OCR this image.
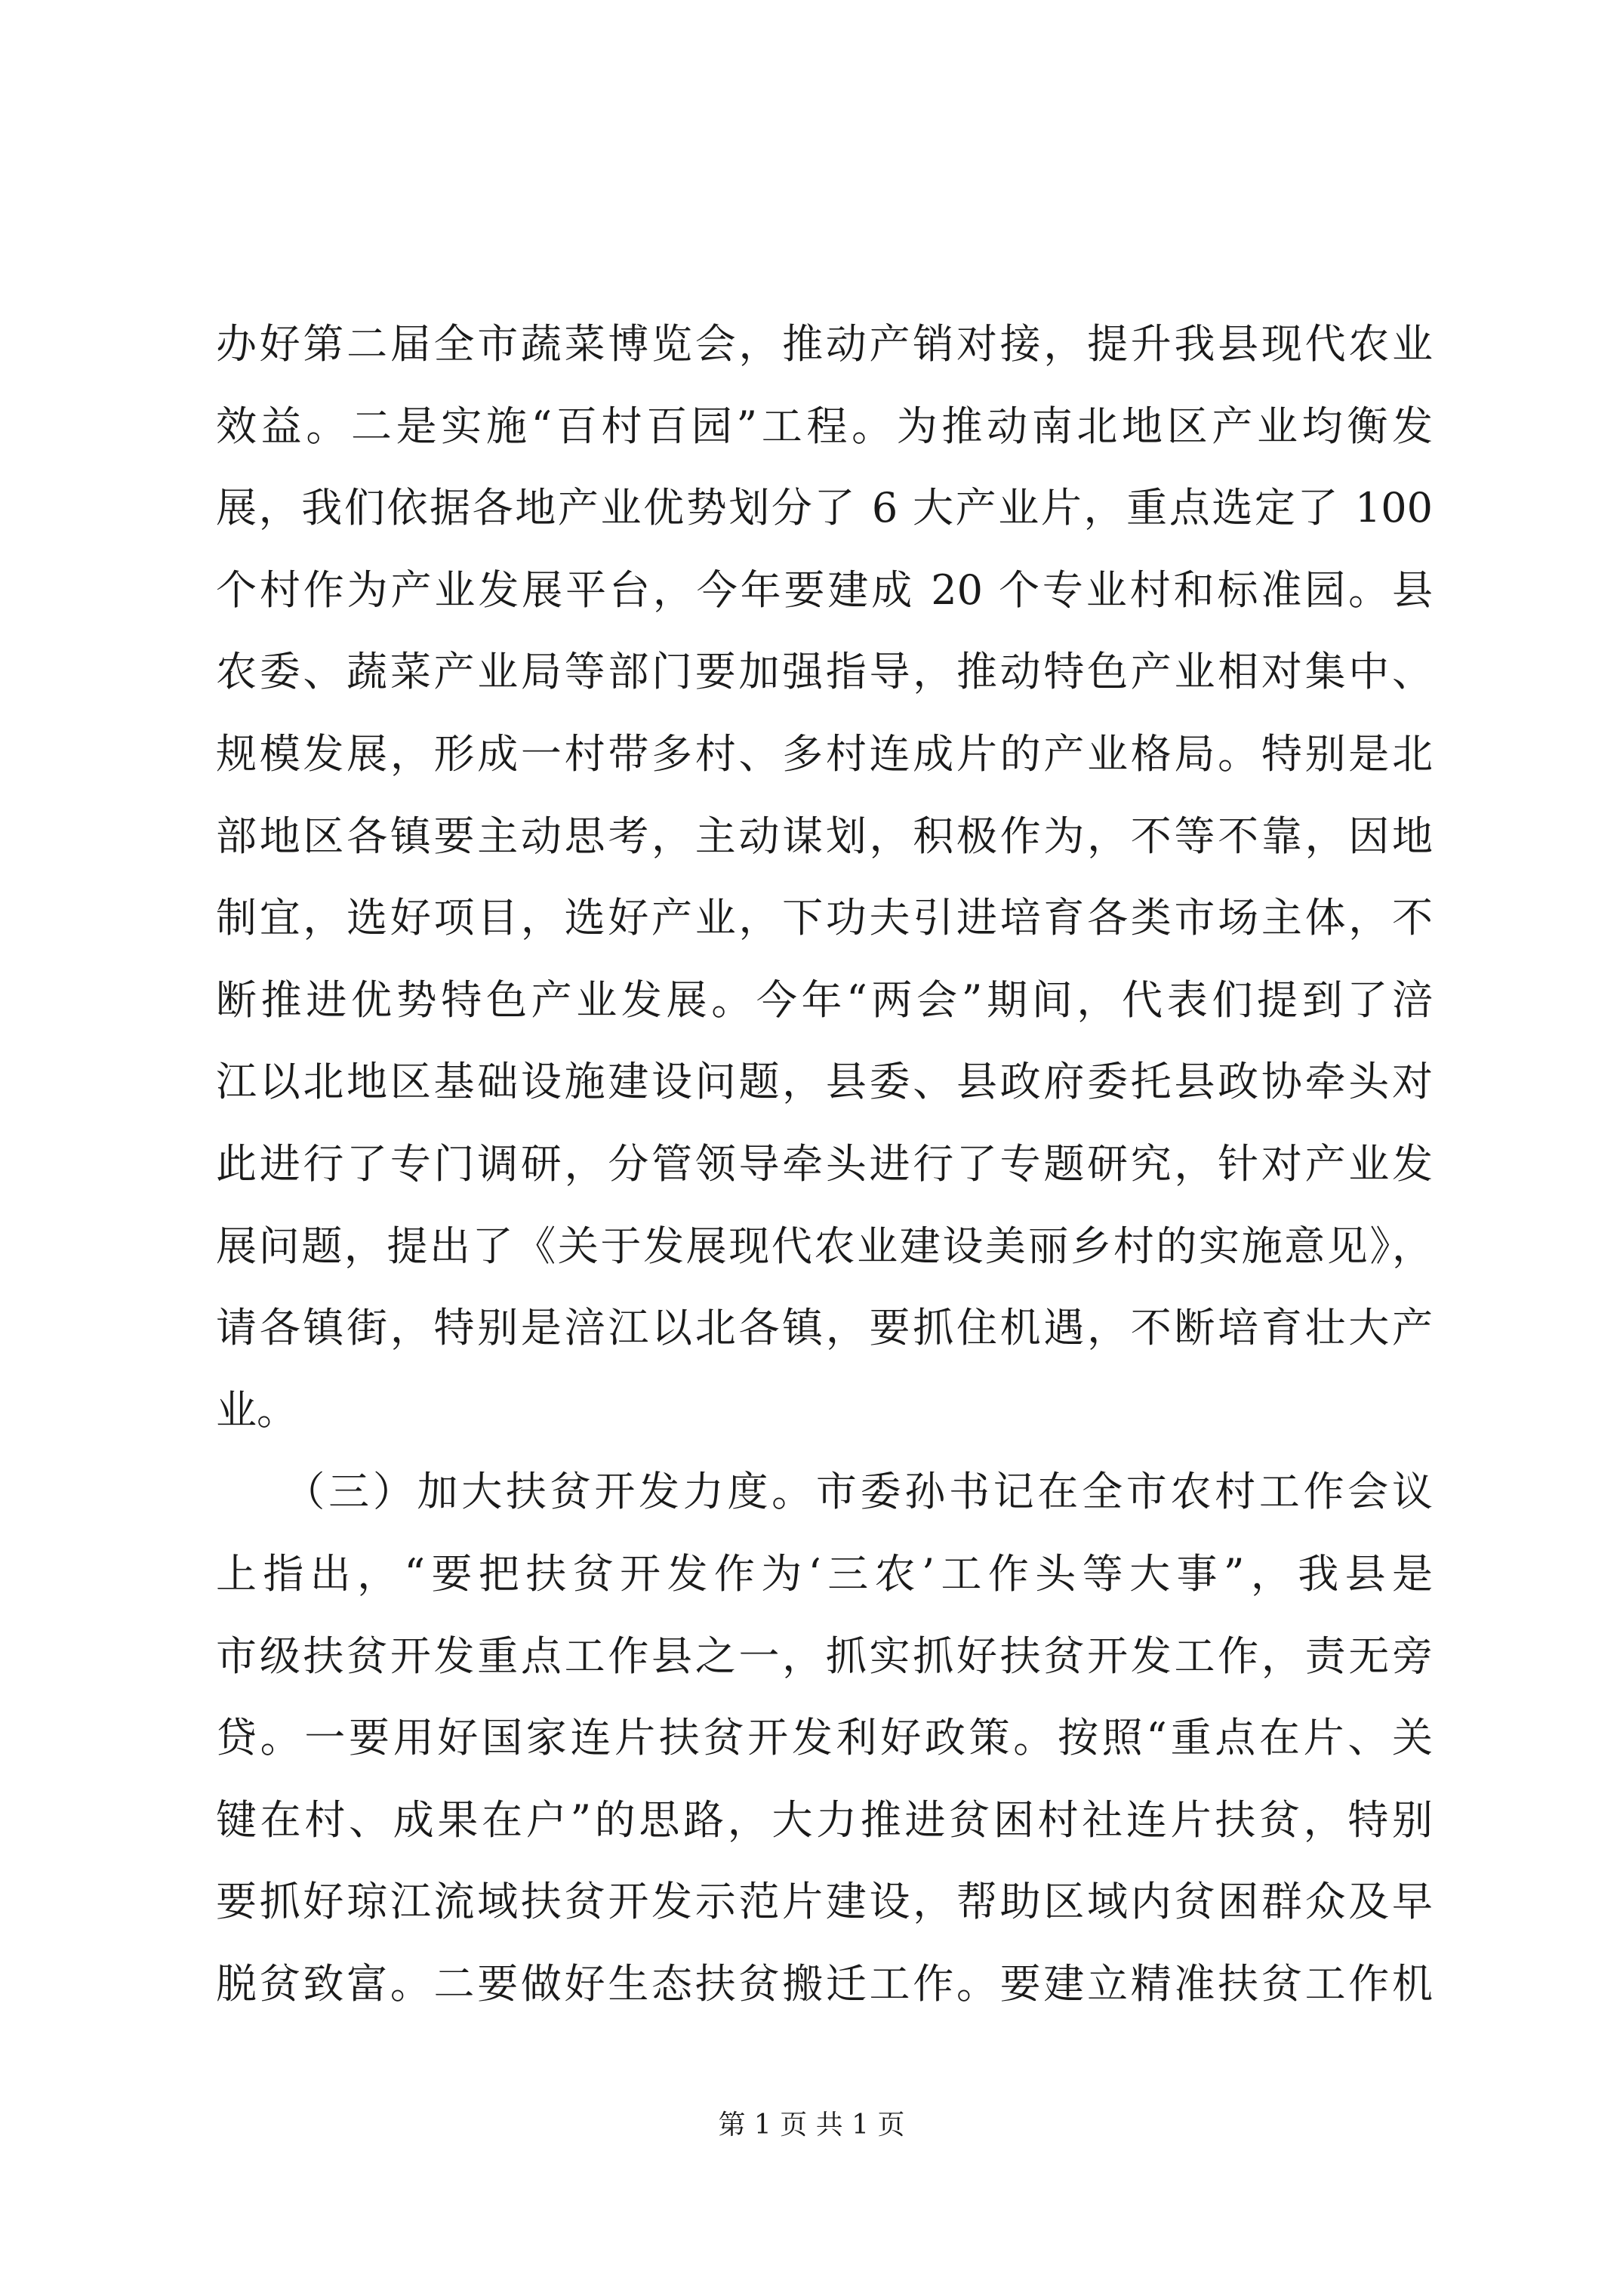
办好第二届全市蔬菜博览会，推动产销对接，提升我县现代农业
效益。二是实施“百村百园”工程。为推动南北地区产业均衡发
展，我们依据各地产业优势划分了 6 大产业片，重点选定了 100
个村作为产业发展平台，今年要建成 20 个专业村和标准园。县
农委、蔬菜产业局等部门要加强指导，推动特色产业相对集中、
规模发展，形成一村带多村、多村连成片的产业格局。特别是北
部地区各镇要主动思考，主动谋划，积极作为，不等不靠，因地
制宜，选好项目，选好产业，下功夫引进培育各类市场主体，不
断推进优势特色产业发展。今年“两会”期间，代表们提到了涪
江以北地区基础设施建设问题，县委、县政府委托县政协牵头对
此进行了专门调研，分管领导牵头进行了专题研究，针对产业发
展问题，提出了《关于发展现代农业建设美丽乡村的实施意见》，
请各镇街，特别是涪江以北各镇，要抓住机遇，不断培育壮大产
业。
　　（三）加大扶贫开发力度。市委孙书记在全市农村工作会议
上指出，“要把扶贫开发作为‘三农’工作头等大事”，我县是
市级扶贫开发重点工作县之一，抓实抓好扶贫开发工作，责无旁
贷。一要用好国家连片扶贫开发利好政策。按照“重点在片、关
键在村、成果在户”的思路，大力推进贫困村社连片扶贫，特别
要抓好琼江流域扶贫开发示范片建设，帮助区域内贫困群众及早
脱贫致富。二要做好生态扶贫搬迁工作。要建立精准扶贫工作机
第 1 页 共 1 页
